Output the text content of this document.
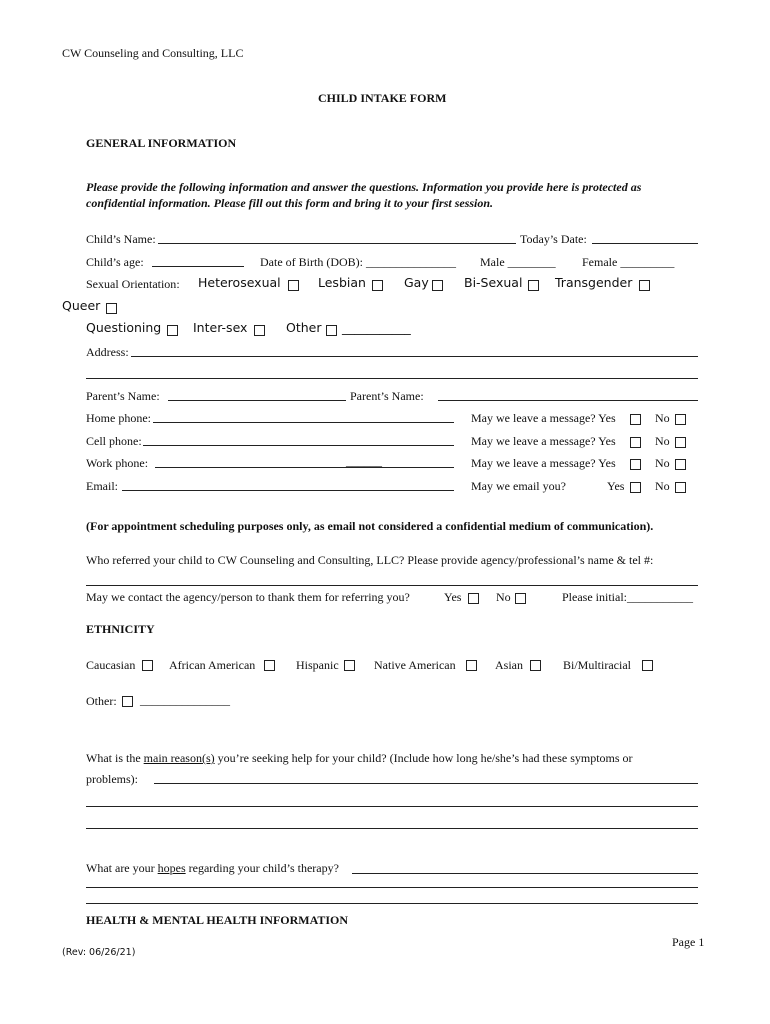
CW Counseling and Consulting, LLC
CHILD INTAKE FORM
GENERAL INFORMATION
Please provide the following information and answer the questions. Information you provide here is protected as
confidential information. Please fill out this form and bring it to your first session.
Child’s Name:	Today’s Date:
Child’s age:	Date of Birth (DOB): _______________ Male ________ Female _________
Sexual Orientation: Heterosexual	Lesbian	Gay	Bi-Sexual	Transgender
Queer
Questioning	Inter-sex	Other ___________
Address:
Parent’s Name:	Parent’s Name:
Home phone:	May we leave a message? Yes	No
Cell phone:	May we leave a message? Yes	No
Work phone:	______	May we leave a message? Yes	No
Email:	May we email you?	Yes	No
(For appointment scheduling purposes only, as email not considered a confidential medium of communication).
Who referred your child to CW Counseling and Consulting, LLC? Please provide agency/professional’s name & tel #:
May we contact the agency/person to thank them for referring you?	Yes	No	Please initial:___________
ETHNICITY
Caucasian	African American	Hispanic	Native American	Asian	Bi/Multiracial
Other: _______________
What is the main reason(s) you’re seeking help for your child? (Include how long he/she’s had these symptoms or
problems):
What are your hopes regarding your child’s therapy?
HEALTH & MENTAL HEALTH INFORMATION
Page 1
(Rev: 06/26/21)
